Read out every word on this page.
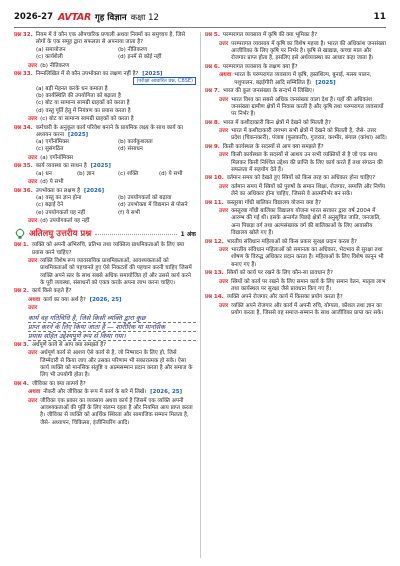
2026-27 AVTAR गृह विज्ञान कक्षा 12	11
प्रश्न 32. नियम में वे कौन एक औपचारिक प्रणाली अथवा नियमों का समुच्चय है, जिसे लोगों के एक समूह द्वारा सफलता से अपनाया जाता है?
(a) समायोजन	(b) नीतिकरण
(c) कार्यशैली	(d) इनमें से कोई नहीं
उत्तर (b) नीतिकरण
प्रश्न 33. निम्नलिखित में से कौन उपभोक्ता का लक्षण नहीं है? [2025]
(परीक्षा आधारित प्रश्न, CBSE)
(a) बड़ी मेहनत करके धन कमाता है
(b) कार्यस्थिति की उपयोगिता को बढ़ाता है
(c) बोट या सामान्य सामग्री ग्राहकों को करता है
(d) वस्तु पूर्ति हेतु में नियंत्रण का प्रयास करता है
उत्तर (c) बोट या सामान्य सामग्री ग्राहकों को करता है
प्रश्न 34. कर्मचारी के अनुकूल कार्य परिवेश बनाने के प्रायमिक लक्ष्य के साथ कार्य का अध्ययन करना [2025]
(a) एर्गोनॉमिक्स	(b) कार्यकुशलता
(c) सुसंगठित	(d) संसाधन
उत्तर (a) एर्गोनॉमिक्स
प्रश्न 35. कार्य व्यवस्था का साधन है [2025]
(a) धन	(b) ज्ञान	(c) शक्ति	(d) ये सभी
उत्तर (d) ये सभी
प्रश्न 36. उपभोक्ता का लक्षण है [2026]
(a) वस्तु का ज्ञान होना	(b) उपयोगकर्ता को बढ़ावा
(c) बढ़ाई देने	(d) उपभोक्ता में विद्यमान से पोसने
(e) उपयोगकर्ता यह नहीं	(f) ये सभी
उत्तर (d) उपयोगकर्ता यह नहीं
अतिलघु उत्तरीय प्रश्न	1 अंक
प्रश्न 1. व्यक्ति को अपनी अभिरुचि, प्रतिभा तथा व्यक्तित्व प्राथमिकताओं के लिए क्या प्रयास करने चाहिए?
उत्तर व्यक्ति विशेष रूप व्यावसायिक प्राथमिकताओं, आवश्यकताओं को प्राथमिकताओं को पहचानते हुए ऐसे निकटतों की पहचान करनी चाहिए जिसमें व्यक्ति अपने स्तर के साथ सबसे अधिक समायोजित हो और उससे कार्य करने के पूरी व्यवस्था, संसाधनों को एकत्र करके अपना लाभ करना चाहिए।
प्रश्न 2. कार्य किसे कहते हैं?
अथवा कार्य का क्या अर्थ है? [2026, 25]
उत्तर
कार्य वह गतिविधि है, जिसे किसी व्यक्ति द्वारा कुछ
प्राप्त करने के लिए किया जाता है — शारीरिक या मानसिक
प्रयास सहित उद्देश्यपूर्ण रूप से किया गया।
प्रश्न 3. अर्धपूर्ण कार्य से आप क्या समझते हैं?
उत्तर अर्धपूर्ण कार्य से आशय ऐसे कार्य से है, जो निष्पादन के लिए हो, जिसे जिम्मेदारी से किया जाए और उसका परिणाम भी सकारात्मक हो सके। ऐसा कार्य व्यक्ति को मानसिक संतुष्टि व आत्मसम्मान प्रदान करता है और समाज के लिए भी उपयोगी होता है।
प्रश्न 4. जीविका का क्या तात्पर्य है?
अथवा नौकरी और जीविका के रूप में कार्य के बारे में लिखें। [2026, 25]
उत्तर जीविका एक प्रकार का व्यवसाय अथवा कार्य है जिसमें एक व्यक्ति अपनी आवश्यकताओं की पूर्ति के लिए संलग्न रहता है और नियमित आय प्राप्त करता है। जीविका से व्यक्ति को आर्थिक स्थिरता और सामाजिक सम्मान मिलता है, जैसे- अध्यापन, चिकित्सा, इंजीनियरिंग आदि।
प्रश्न 5. परम्परागत व्यवसाय में कृषि की क्या भूमिका है?
उत्तर परम्परागत व्यवसाय में कृषि का विशेष महत्त्व है। भारत की अधिकांश जनसंख्या आजीविका के लिए कृषि पर निर्भर है। कृषि से खाद्यान्न, कच्चा माल और रोजगार प्राप्त होता है, इसलिए इसे अर्थव्यवस्था का आधार कहा जाता है।
प्रश्न 6. परम्परागत व्यवसाय के लक्षण क्या हैं?
अथवा भारत के परम्परागत व्यवसाय में कृषि, हस्तशिल्प, बुनाई, मत्स्य पालन, पशुपालन, बढ़ईगीरी आदि सम्मिलित हैं। [2025]
प्रश्न 7. भारत की कुल जनसंख्या के सन्दर्भ में लिखिए।
उत्तर भारत विश्व का सबसे अधिक जनसंख्या वाला देश है। यहाँ की अधिकांश जनसंख्या ग्रामीण क्षेत्रों में निवास करती है और कृषि तथा परम्परागत व्यवसायों पर निर्भर है।
प्रश्न 8. भारत में कशीदाकारी किन क्षेत्रों में देखने को मिलती है?
उत्तर भारत में कशीदाकारी लगभग सभी क्षेत्रों में देखने को मिलती है, जैसे- उत्तर प्रदेश (चिकनकारी), पंजाब (फुलकारी), गुजरात, कश्मीर, बंगाल (कांथा) आदि।
प्रश्न 9. किसी कार्यस्थल के सदस्यों से आप क्या समझते हैं?
उत्तर किसी कार्यस्थल के सदस्यों से आशय उन सभी व्यक्तियों से है जो एक साथ मिलकर किसी निश्चित उद्देश्य की प्राप्ति के लिए कार्य करते हैं तथा संगठन की सफलता में सहयोग देते हैं।
प्रश्न 10. वर्तमान समय को देखते हुए स्त्रियों को किस तरह का अधिकार होना चाहिए?
उत्तर वर्तमान समय में स्त्रियों को पुरुषों के समान शिक्षा, रोजगार, सम्पत्ति और निर्णय लेने का अधिकार होना चाहिए, जिससे वे आत्मनिर्भर बन सकें।
प्रश्न 11. कस्तूरबा गाँधी बालिका विद्यालय योजना क्या है?
उत्तर कस्तूरबा गाँधी बालिका विद्यालय योजना भारत सरकार द्वारा वर्ष 2004 में आरम्भ की गई थी। इसके अन्तर्गत पिछड़े क्षेत्रों में अनुसूचित जाति, जनजाति, अन्य पिछड़ा वर्ग तथा अल्पसंख्यक वर्ग की बालिकाओं के लिए आवासीय विद्यालय खोले गए हैं।
प्रश्न 12. भारतीय संविधान महिलाओं को किस प्रकार सुरक्षा प्रदान करता है?
उत्तर भारतीय संविधान महिलाओं को समानता का अधिकार, भेदभाव से सुरक्षा तथा शोषण के विरुद्ध अधिकार प्रदान करता है। महिलाओं के लिए विशेष कानून भी बनाए गए हैं।
प्रश्न 13. स्त्रियों को कार्य पर रखने के लिए कौन-सा प्रावधान है?
उत्तर स्त्रियों को कार्य पर रखने के लिए समान कार्य के लिए समान वेतन, मातृत्व लाभ तथा कार्यस्थल पर सुरक्षा जैसे प्रावधान किए गए हैं।
प्रश्न 14. व्यक्ति अपने रोजगार और कार्य में किसका प्रयोग करता है?
उत्तर व्यक्ति अपने रोजगार और कार्य में अपनी रुचि, योग्यता, कौशल तथा ज्ञान का प्रयोग करता है, जिससे वह समाज-सम्मान के साथ आजीविका प्राप्त कर सके।
